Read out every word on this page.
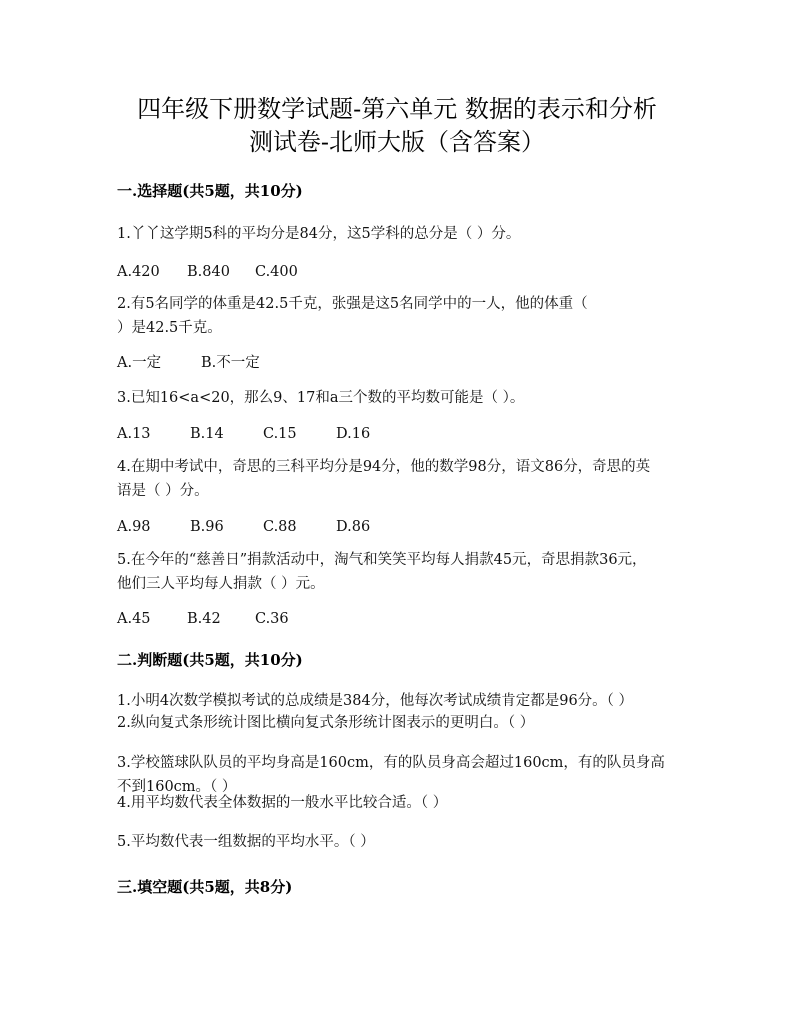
四年级下册数学试题-第六单元 数据的表示和分析
测试卷-北师大版（含答案）
一.选择题(共5题，共10分)
1.丫丫这学期5科的平均分是84分，这5学科的总分是（ ）分。
A.420 B.840 C.400
2.有5名同学的体重是42.5千克，张强是这5名同学中的一人，他的体重（
）是42.5千克。
A.一定	B.不一定
3.已知16<a<20，那么9、17和a三个数的平均数可能是（ ）。
A.13	B.14	C.15	D.16
4.在期中考试中，奇思的三科平均分是94分，他的数学98分，语文86分，奇思的英
语是（ ）分。
A.98	B.96	C.88	D.86
5.在今年的“慈善日”捐款活动中，淘气和笑笑平均每人捐款45元，奇思捐款36元，
他们三人平均每人捐款（ ）元。
A.45	B.42 C.36
二.判断题(共5题，共10分)
1.小明4次数学模拟考试的总成绩是384分，他每次考试成绩肯定都是96分。（ ）
2.纵向复式条形统计图比横向复式条形统计图表示的更明白。（ ）
3.学校篮球队队员的平均身高是160cm，有的队员身高会超过160cm，有的队员身高
不到160cm。（ ）
4.用平均数代表全体数据的一般水平比较合适。（ ）
5.平均数代表一组数据的平均水平。（ ）
三.填空题(共5题，共8分)
